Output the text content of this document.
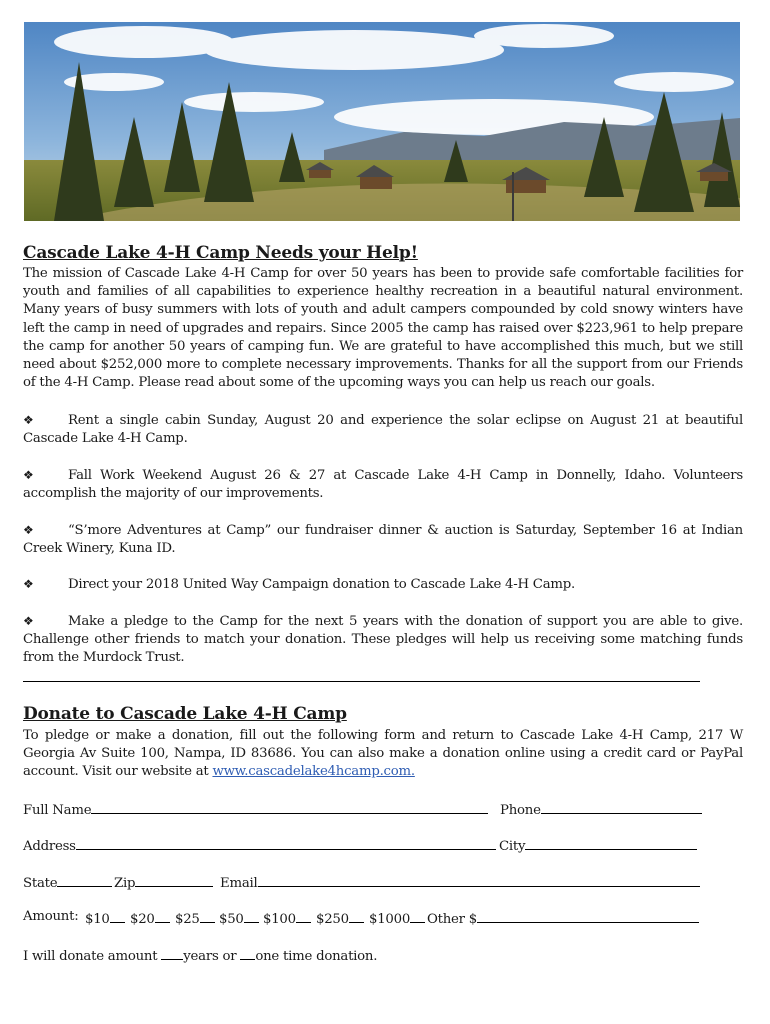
Cascade Lake 4-H Camp Needs your Help!

The mission of Cascade Lake 4-H Camp for over 50 years has been to provide safe comfortable facilities for youth and families of all capabilities to experience healthy recreation in a beautiful natural environment. Many years of busy summers with lots of youth and adult campers compounded by cold snowy winters have left the camp in need of upgrades and repairs. Since 2005 the camp has raised over $223,961 to help prepare the camp for another 50 years of camping fun. We are grateful to have accomplished this much, but we still need about $252,000 more to complete necessary improvements. Thanks for all the support from our Friends of the 4-H Camp. Please read about some of the upcoming ways you can help us reach our goals.

❖	Rent a single cabin Sunday, August 20 and experience the solar eclipse on August 21 at beautiful Cascade Lake 4-H Camp.

❖	Fall Work Weekend August 26 & 27 at Cascade Lake 4-H Camp in Donnelly, Idaho. Volunteers accomplish the majority of our improvements.

❖	“S’more Adventures at Camp” our fundraiser dinner & auction is Saturday, September 16 at Indian Creek Winery, Kuna ID.

❖	Direct your 2018 United Way Campaign donation to Cascade Lake 4-H Camp.

❖	Make a pledge to the Camp for the next 5 years with the donation of support you are able to give. Challenge other friends to match your donation. These pledges will help us receiving some matching funds from the Murdock Trust.

Donate to Cascade Lake 4-H Camp

To pledge or make a donation, fill out the following form and return to Cascade Lake 4-H Camp, 217 W Georgia Av Suite 100, Nampa, ID 83686. You can also make a donation online using a credit card or PayPal account. Visit our website at www.cascadelake4hcamp.com.

Full Name	Phone
Address	City
State	Zip	Email
Amount: $10	$20	$25	$50	$100	$250	$1000	Other $
I will donate amount years or one time donation.
